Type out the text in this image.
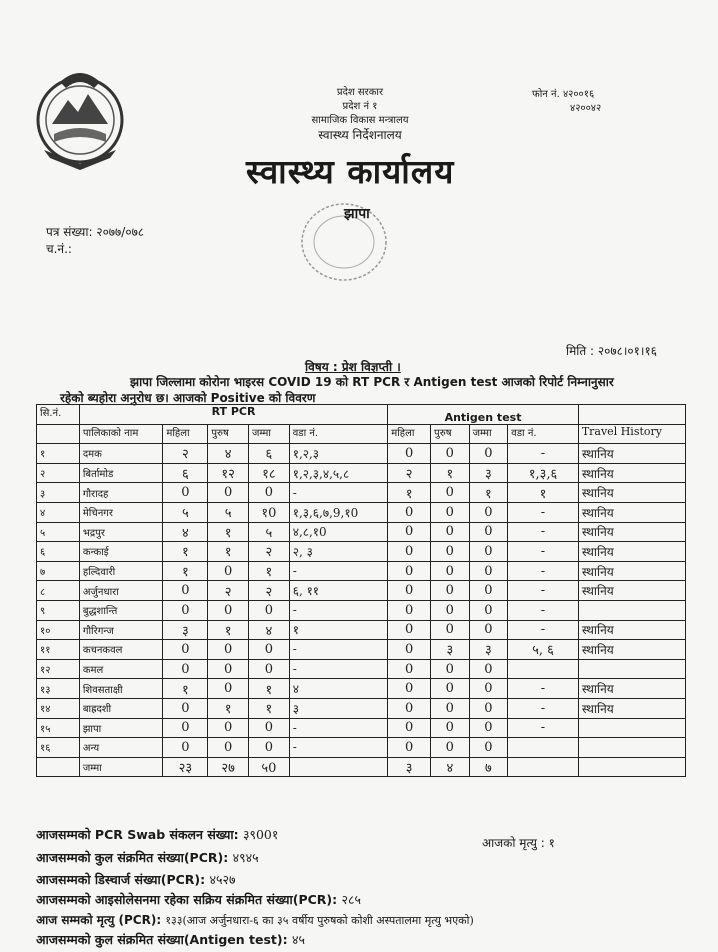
प्रदेश सरकार
प्रदेश नं १
सामाजिक विकास मन्त्रालय
स्वास्थ्य निर्देशनालय
फोन नं. ४२००१६
४२००४२
स्वास्थ्य कार्यालय
पत्र संख्या: २०७७/०७८
च.नं.:
झापा
मिति : २०७८।०१।१६
विषय : प्रेश विज्ञप्ती ।
झापा जिल्लामा कोरोना भाइरस COVID 19 को RT PCR र Antigen test आजको रिपोर्ट निम्नानुसार
रहेको ब्यहोरा अनुरोध छ। आजको Positive को विवरण
सि.नं.	RT PCR					Antigen test				
	पालिकाको नाम	महिला	पुरुष	जम्मा	वडा नं.	महिला	पुरुष	जम्मा	वडा नं.	Travel History
१	दमक	२	४	६	१,२,३	0	0	0	-	स्थानिय
२	बिर्तामोड	६	१२	१८	१,२,३,४,५,८	२	१	३	१,३,६	स्थानिय
३	गौरादह	0	0	0	-	१	0	१	१	स्थानिय
४	मेचिनगर	५	५	१0	१,३,६,७,9,१0	0	0	0	-	स्थानिय
५	भद्रपुर	४	१	५	४,८,१0	0	0	0	-	स्थानिय
६	कन्काई	१	१	२	२, ३	0	0	0	-	स्थानिय
७	हल्दिवारी	१	0	१	-	0	0	0	-	स्थानिय
८	अर्जुनधारा	0	२	२	६, ११	0	0	0	-	स्थानिय
९	बुद्धशान्ति	0	0	0	-	0	0	0	-	
१०	गौरिगन्ज	३	१	४	१	0	0	0	-	स्थानिय
११	कचनकवल	0	0	0	-	0	३	३	५, ६	स्थानिय
१२	कमल	0	0	0	-	0	0	0		
१३	शिवसताक्षी	१	0	१	४	0	0	0	-	स्थानिय
१४	बाह्रदशी	0	१	१	३	0	0	0	-	स्थानिय
१५	झापा	0	0	0	-	0	0	0	-	
१६	अन्य	0	0	0	-	0	0	0		
	जम्मा	२३	२७	५0		३	४	७		
आजसम्मको PCR Swab संकलन संख्या: ३९00१
आजको मृत्यु : १
आजसम्मको कुल संक्रमित संख्या(PCR): ४९४५
आजसम्मको डिस्चार्ज संख्या(PCR): ४५२७
आजसम्मको आइसोलेसनमा रहेका सक्रिय संक्रमित संख्या(PCR): २८५
आज सम्मको मृत्यु (PCR): १३३(आज अर्जुनधारा-६ का ३५ वर्षीय पुरुषको कोशी अस्पतालमा मृत्यु भएको)
आजसम्मको कुल संक्रमित संख्या(Antigen test): ४५
